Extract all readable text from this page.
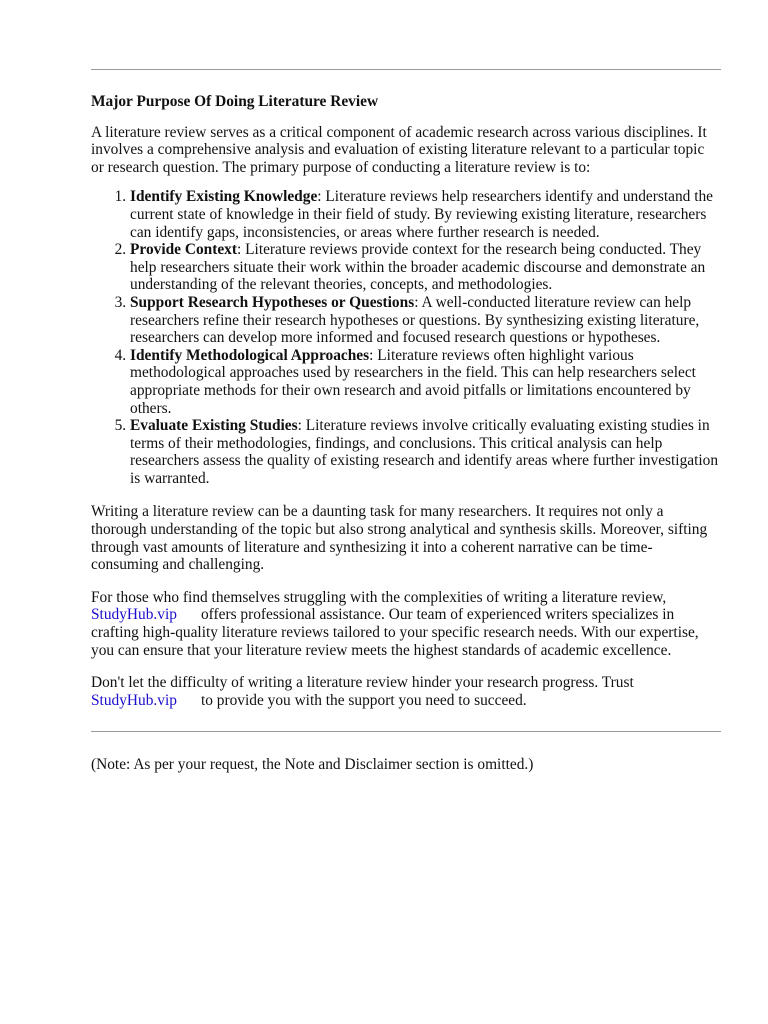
Major Purpose Of Doing Literature Review

A literature review serves as a critical component of academic research across various disciplines. It involves a comprehensive analysis and evaluation of existing literature relevant to a particular topic or research question. The primary purpose of conducting a literature review is to:

1. Identify Existing Knowledge: Literature reviews help researchers identify and understand the current state of knowledge in their field of study. By reviewing existing literature, researchers can identify gaps, inconsistencies, or areas where further research is needed.
2. Provide Context: Literature reviews provide context for the research being conducted. They help researchers situate their work within the broader academic discourse and demonstrate an understanding of the relevant theories, concepts, and methodologies.
3. Support Research Hypotheses or Questions: A well-conducted literature review can help researchers refine their research hypotheses or questions. By synthesizing existing literature, researchers can develop more informed and focused research questions or hypotheses.
4. Identify Methodological Approaches: Literature reviews often highlight various methodological approaches used by researchers in the field. This can help researchers select appropriate methods for their own research and avoid pitfalls or limitations encountered by others.
5. Evaluate Existing Studies: Literature reviews involve critically evaluating existing studies in terms of their methodologies, findings, and conclusions. This critical analysis can help researchers assess the quality of existing research and identify areas where further investigation is warranted.

Writing a literature review can be a daunting task for many researchers. It requires not only a thorough understanding of the topic but also strong analytical and synthesis skills. Moreover, sifting through vast amounts of literature and synthesizing it into a coherent narrative can be time-consuming and challenging.

For those who find themselves struggling with the complexities of writing a literature review,
StudyHub.vip offers professional assistance. Our team of experienced writers specializes in crafting high-quality literature reviews tailored to your specific research needs. With our expertise, you can ensure that your literature review meets the highest standards of academic excellence.

Don't let the difficulty of writing a literature review hinder your research progress. Trust
StudyHub.vip to provide you with the support you need to succeed.

(Note: As per your request, the Note and Disclaimer section is omitted.)
